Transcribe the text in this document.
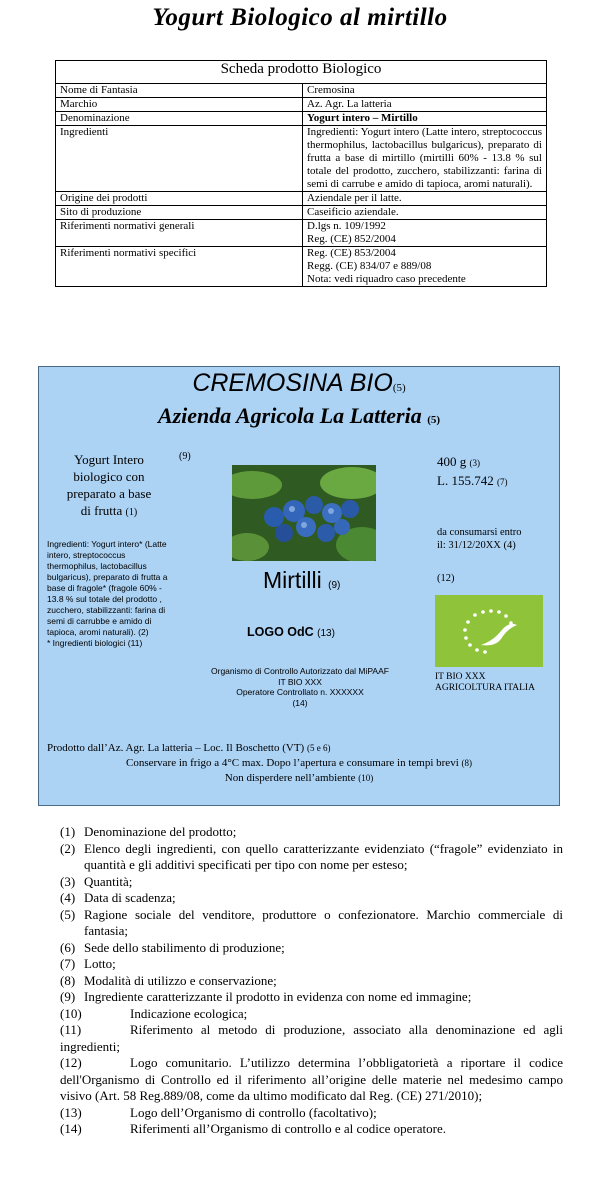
Yogurt Biologico al mirtillo
Scheda prodotto Biologico	
Nome di Fantasia	Cremosina
Marchio	Az. Agr. La latteria
Denominazione	Yogurt intero – Mirtillo
Ingredienti	Ingredienti: Yogurt intero (Latte intero, streptococcus thermophilus, lactobacillus bulgaricus), preparato di frutta a base di mirtillo (mirtilli 60% - 13.8 % sul totale del prodotto, zucchero, stabilizzanti: farina di semi di carrube e amido di tapioca, aromi naturali).
Origine dei prodotti	Aziendale per il latte.
Sito di produzione	Caseificio aziendale.
Riferimenti normativi generali	D.lgs n. 109/1992
Reg. (CE) 852/2004

Riferimenti normativi specifici	Reg. (CE) 853/2004
Regg. (CE) 834/07 e 889/08
Nota: vedi riquadro caso precedente
CREMOSINA BIO(5)
Azienda Agricola La Latteria (5)
Yogurt Intero
biologico con
preparato a base
di frutta (1)
(9)	400 g (3)
L. 155.742 (7)
da consumarsi entro
il: 31/12/20XX (4)
Ingredienti: Yogurt intero* (Latte intero, streptococcus thermophilus, lactobacillus bulgaricus), preparato di frutta a base di fragole* (fragole 60% - 13.8 % sul totale del prodotto , zucchero, stabilizzanti: farina di semi di carrubbe e amido di tapioca, aromi naturali). (2)
* Ingredienti biologici (11)
Mirtilli (9)
(12)
LOGO OdC (13)
Organismo di Controllo Autorizzato dal MiPAAF
IT BIO XXX
Operatore Controllato n. XXXXXX
(14)
IT BIO XXX
AGRICOLTURA ITALIA
Prodotto dall’Az. Agr. La latteria – Loc. Il Boschetto (VT) (5 e 6)
Conservare in frigo a 4°C max. Dopo l’apertura e consumare in tempi brevi (8)
Non disperdere nell’ambiente (10)
(1) Denominazione del prodotto;
(2) Elenco degli ingredienti, con quello caratterizzante evidenziato (“fragole” evidenziato in quantità e gli additivi specificati per tipo con nome per esteso;
(3) Quantità;
(4) Data di scadenza;
(5) Ragione sociale del venditore, produttore o confezionatore. Marchio commerciale di fantasia;
(6) Sede dello stabilimento di produzione;
(7) Lotto;
(8) Modalità di utilizzo e conservazione;
(9) Ingrediente caratterizzante il prodotto in evidenza con nome ed immagine;
(10)	Indicazione ecologica;
(11)	Riferimento al metodo di produzione, associato alla denominazione ed agli ingredienti;
(12)	Logo comunitario. L’utilizzo determina l’obbligatorietà a riportare il codice dell'Organismo di Controllo ed il riferimento all’origine delle materie nel medesimo campo visivo (Art. 58 Reg.889/08, come da ultimo modificato dal Reg. (CE) 271/2010);
(13)	Logo dell’Organismo di controllo (facoltativo);
(14)	Riferimenti all’Organismo di controllo e al codice operatore.
